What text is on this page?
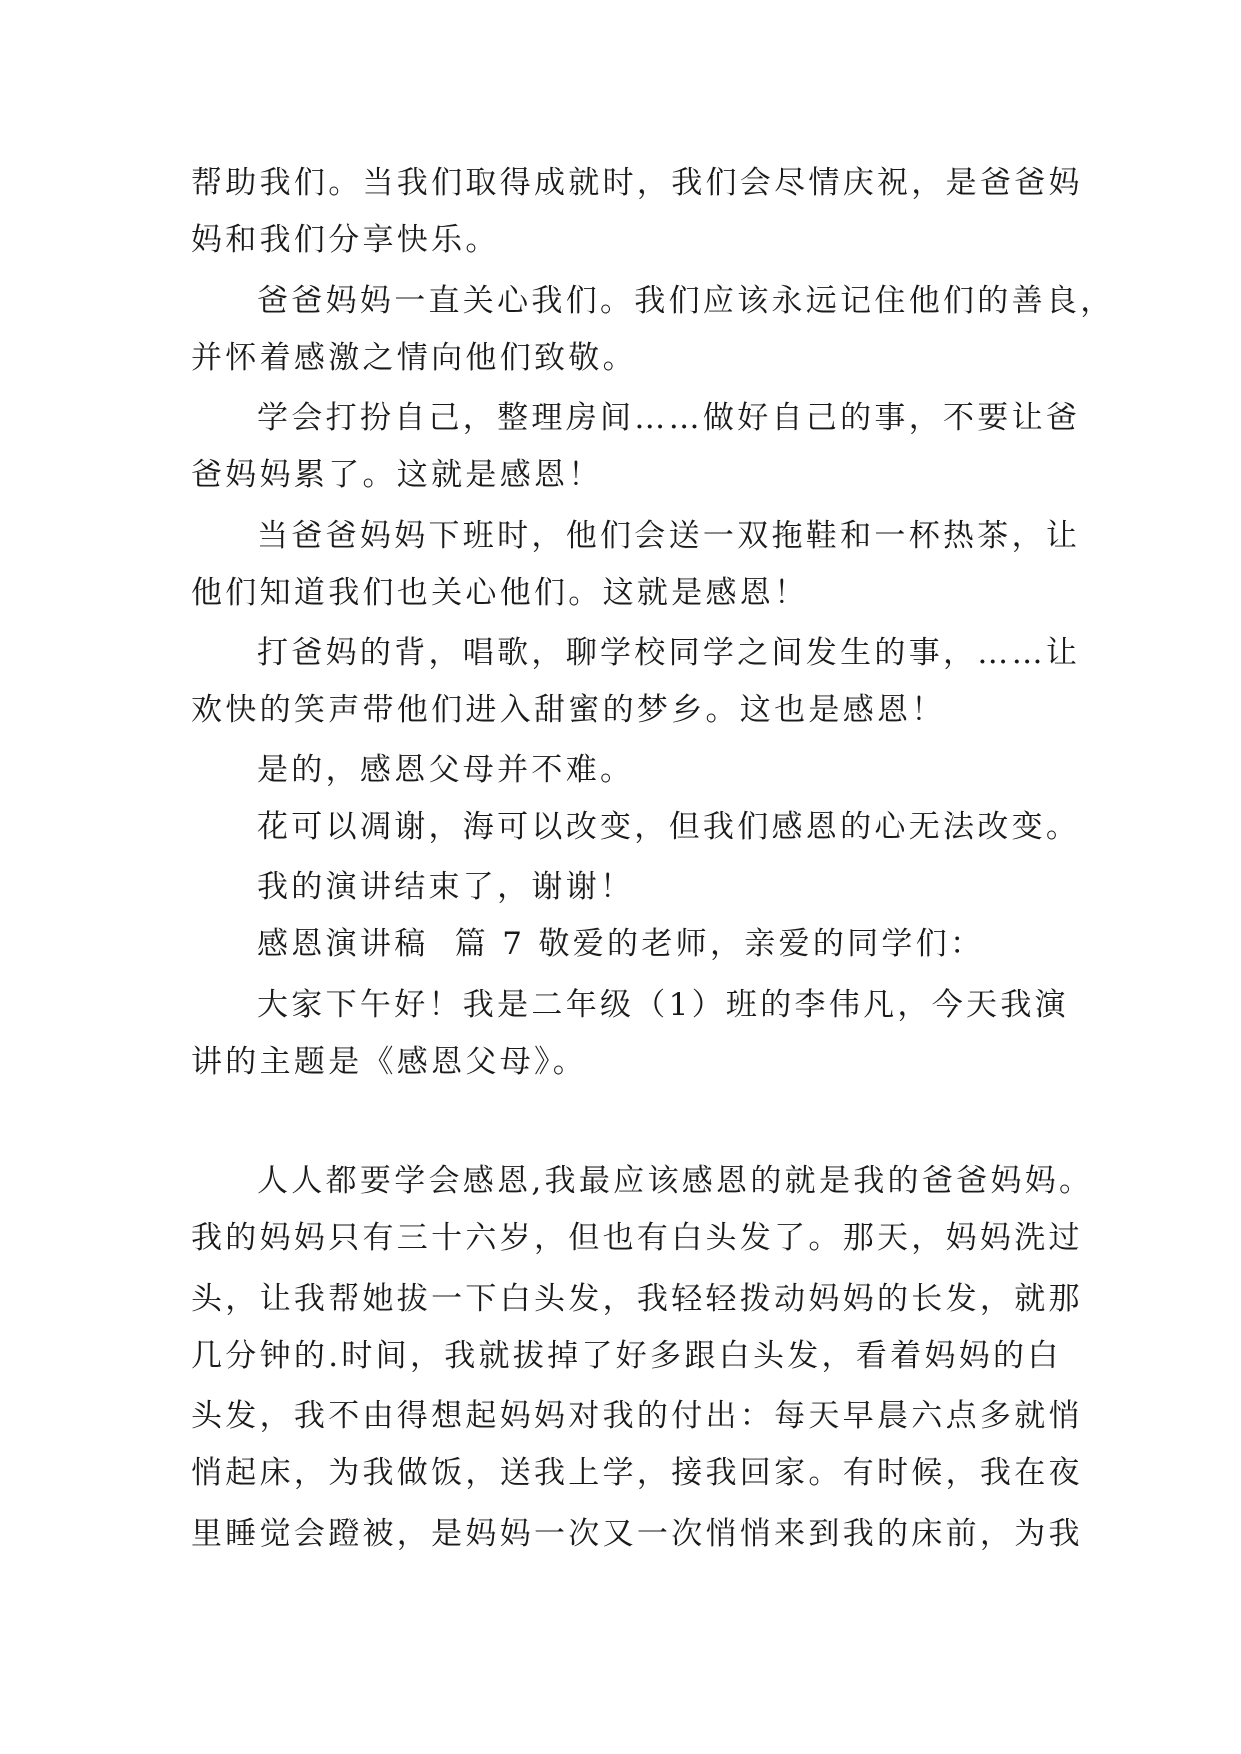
帮助我们。当我们取得成就时，我们会尽情庆祝，是爸爸妈
妈和我们分享快乐。
爸爸妈妈一直关心我们。我们应该永远记住他们的善良，
并怀着感激之情向他们致敬。
学会打扮自己，整理房间……做好自己的事，不要让爸
爸妈妈累了。这就是感恩！
当爸爸妈妈下班时，他们会送一双拖鞋和一杯热茶，让
他们知道我们也关心他们。这就是感恩！
打爸妈的背，唱歌，聊学校同学之间发生的事，……让
欢快的笑声带他们进入甜蜜的梦乡。这也是感恩！
是的，感恩父母并不难。
花可以凋谢，海可以改变，但我们感恩的心无法改变。
我的演讲结束了，谢谢！
感恩演讲稿  篇 7 敬爱的老师，亲爱的同学们：
大家下午好！我是二年级（1）班的李伟凡，今天我演
讲的主题是《感恩父母》。
人人都要学会感恩,我最应该感恩的就是我的爸爸妈妈。
我的妈妈只有三十六岁，但也有白头发了。那天，妈妈洗过
头，让我帮她拔一下白头发，我轻轻拨动妈妈的长发，就那
几分钟的.时间，我就拔掉了好多跟白头发，看着妈妈的白
头发，我不由得想起妈妈对我的付出：每天早晨六点多就悄
悄起床，为我做饭，送我上学，接我回家。有时候，我在夜
里睡觉会蹬被，是妈妈一次又一次悄悄来到我的床前，为我
